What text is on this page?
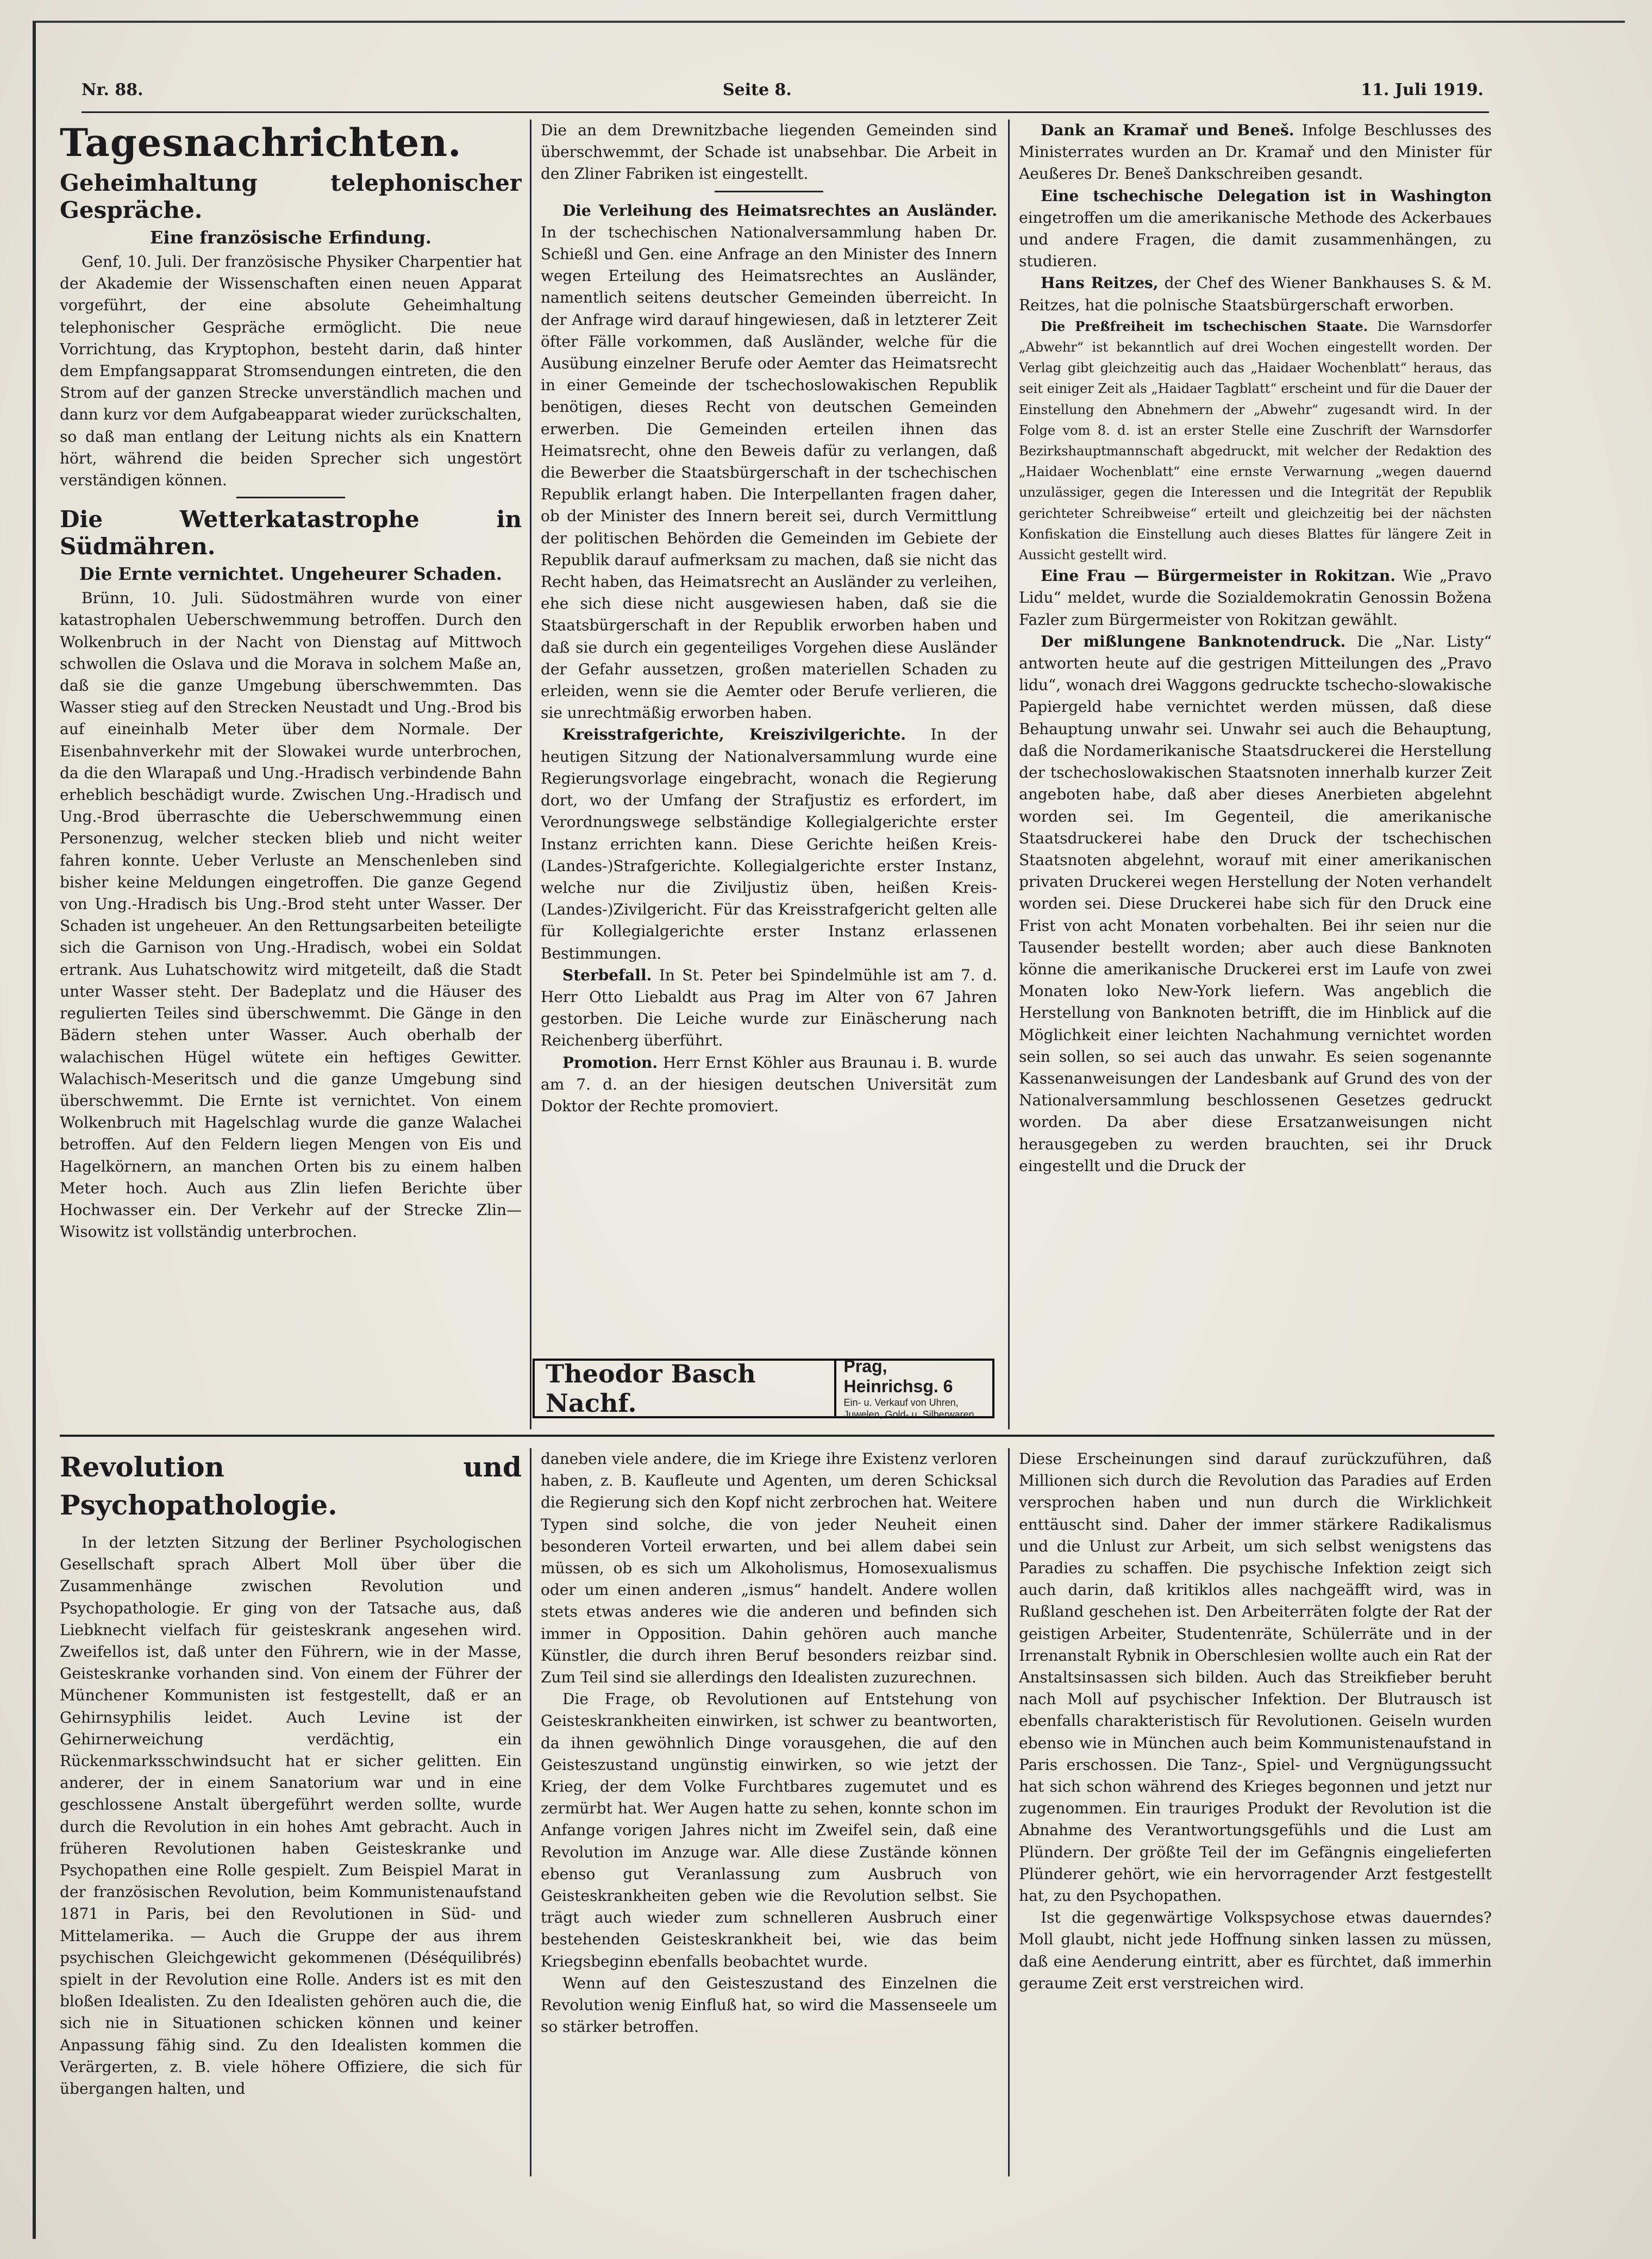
Nr. 88.	Seite 8.	11. Juli 1919.
Tagesnachrichten.
Geheimhaltung telephonischer Gespräche.
Eine französische Erfindung.

Genf, 10. Juli. Der französische Physiker Charpentier hat der Akademie der Wissenschaften einen neuen Apparat vorgeführt, der eine absolute Geheimhaltung telephonischer Gespräche ermöglicht. Die neue Vorrichtung, das Kryptophon, besteht darin, daß hinter dem Empfangsapparat Stromsendungen eintreten, die den Strom auf der ganzen Strecke unverständlich machen und dann kurz vor dem Aufgabeapparat wieder zurückschalten, so daß man entlang der Leitung nichts als ein Knattern hört, während die beiden Sprecher sich ungestört verständigen können.

Die Wetterkatastrophe in Südmähren.
Die Ernte vernichtet. Ungeheurer Schaden.

Brünn, 10. Juli. Südostmähren wurde von einer katastrophalen Ueberschwemmung betroffen. Durch den Wolkenbruch in der Nacht von Dienstag auf Mittwoch schwollen die Oslava und die Morava in solchem Maße an, daß sie die ganze Umgebung überschwemmten. Das Wasser stieg auf den Strecken Neustadt und Ung.-Brod bis auf eineinhalb Meter über dem Normale. Der Eisenbahnverkehr mit der Slowakei wurde unterbrochen, da die den Wlarapaß und Ung.-Hradisch verbindende Bahn erheblich beschädigt wurde. Zwischen Ung.-Hradisch und Ung.-Brod überraschte die Ueberschwemmung einen Personenzug, welcher stecken blieb und nicht weiter fahren konnte. Ueber Verluste an Menschenleben sind bisher keine Meldungen eingetroffen. Die ganze Gegend von Ung.-Hradisch bis Ung.-Brod steht unter Wasser. Der Schaden ist ungeheuer. An den Rettungsarbeiten beteiligte sich die Garnison von Ung.-Hradisch, wobei ein Soldat ertrank. Aus Luhatschowitz wird mitgeteilt, daß die Stadt unter Wasser steht. Der Badeplatz und die Häuser des regulierten Teiles sind überschwemmt. Die Gänge in den Bädern stehen unter Wasser. Auch oberhalb der walachischen Hügel wütete ein heftiges Gewitter. Walachisch-Meseritsch und die ganze Umgebung sind überschwemmt. Die Ernte ist vernichtet. Von einem Wolkenbruch mit Hagelschlag wurde die ganze Walachei betroffen. Auf den Feldern liegen Mengen von Eis und Hagelkörnern, an manchen Orten bis zu einem halben Meter hoch. Auch aus Zlin liefen Berichte über Hochwasser ein. Der Verkehr auf der Strecke Zlin—Wisowitz ist vollständig unterbrochen.

Die an dem Drewnitzbache liegenden Gemeinden sind überschwemmt, der Schade ist unabsehbar. Die Arbeit in den Zliner Fabriken ist eingestellt.

Die Verleihung des Heimatsrechtes an Ausländer. In der tschechischen Nationalversammlung haben Dr. Schießl und Gen. eine Anfrage an den Minister des Innern wegen Erteilung des Heimatsrechtes an Ausländer, namentlich seitens deutscher Gemeinden überreicht. In der Anfrage wird darauf hingewiesen, daß in letzterer Zeit öfter Fälle vorkommen, daß Ausländer, welche für die Ausübung einzelner Berufe oder Aemter das Heimatsrecht in einer Gemeinde der tschechoslowakischen Republik benötigen, dieses Recht von deutschen Gemeinden erwerben. Die Gemeinden erteilen ihnen das Heimatsrecht, ohne den Beweis dafür zu verlangen, daß die Bewerber die Staatsbürgerschaft in der tschechischen Republik erlangt haben. Die Interpellanten fragen daher, ob der Minister des Innern bereit sei, durch Vermittlung der politischen Behörden die Gemeinden im Gebiete der Republik darauf aufmerksam zu machen, daß sie nicht das Recht haben, das Heimatsrecht an Ausländer zu verleihen, ehe sich diese nicht ausgewiesen haben, daß sie die Staatsbürgerschaft in der Republik erworben haben und daß sie durch ein gegenteiliges Vorgehen diese Ausländer der Gefahr aussetzen, großen materiellen Schaden zu erleiden, wenn sie die Aemter oder Berufe verlieren, die sie unrechtmäßig erworben haben.

Kreisstrafgerichte, Kreiszivilgerichte. In der heutigen Sitzung der Nationalversammlung wurde eine Regierungsvorlage eingebracht, wonach die Regierung dort, wo der Umfang der Strafjustiz es erfordert, im Verordnungswege selbständige Kollegialgerichte erster Instanz errichten kann. Diese Gerichte heißen Kreis-(Landes-)Strafgerichte. Kollegialgerichte erster Instanz, welche nur die Ziviljustiz üben, heißen Kreis-(Landes-)Zivilgericht. Für das Kreisstrafgericht gelten alle für Kollegialgerichte erster Instanz erlassenen Bestimmungen.

Sterbefall. In St. Peter bei Spindelmühle ist am 7. d. Herr Otto Liebaldt aus Prag im Alter von 67 Jahren gestorben. Die Leiche wurde zur Einäscherung nach Reichenberg überführt.

Promotion. Herr Ernst Köhler aus Braunau i. B. wurde am 7. d. an der hiesigen deutschen Universität zum Doktor der Rechte promoviert.

Theodor Basch Nachf.
Prag, Heinrichsg. 6
Ein- u. Verkauf von Uhren,
Juwelen, Gold- u. Silberwaren.

Dank an Kramař und Beneš. Infolge Beschlusses des Ministerrates wurden an Dr. Kramař und den Minister für Aeußeres Dr. Beneš Dankschreiben gesandt.

Eine tschechische Delegation ist in Washington eingetroffen um die amerikanische Methode des Ackerbaues und andere Fragen, die damit zusammenhängen, zu studieren.

Hans Reitzes, der Chef des Wiener Bankhauses S. & M. Reitzes, hat die polnische Staatsbürgerschaft erworben.

Die Preßfreiheit im tschechischen Staate. Die Warnsdorfer „Abwehr“ ist bekanntlich auf drei Wochen eingestellt worden. Der Verlag gibt gleichzeitig auch das „Haidaer Wochenblatt“ heraus, das seit einiger Zeit als „Haidaer Tagblatt“ erscheint und für die Dauer der Einstellung den Abnehmern der „Abwehr“ zugesandt wird. In der Folge vom 8. d. ist an erster Stelle eine Zuschrift der Warnsdorfer Bezirkshauptmannschaft abgedruckt, mit welcher der Redaktion des „Haidaer Wochenblatt“ eine ernste Verwarnung „wegen dauernd unzulässiger, gegen die Interessen und die Integrität der Republik gerichteter Schreibweise“ erteilt und gleichzeitig bei der nächsten Konfiskation die Einstellung auch dieses Blattes für längere Zeit in Aussicht gestellt wird.

Eine Frau — Bürgermeister in Rokitzan. Wie „Pravo Lidu“ meldet, wurde die Sozialdemokratin Genossin Božena Fazler zum Bürgermeister von Rokitzan gewählt.

Der mißlungene Banknotendruck. Die „Nar. Listy“ antworten heute auf die gestrigen Mitteilungen des „Pravo lidu“, wonach drei Waggons gedruckte tschecho-slowakische Papiergeld habe vernichtet werden müssen, daß diese Behauptung unwahr sei. Unwahr sei auch die Behauptung, daß die Nordamerikanische Staatsdruckerei die Herstellung der tschechoslowakischen Staatsnoten innerhalb kurzer Zeit angeboten habe, daß aber dieses Anerbieten abgelehnt worden sei. Im Gegenteil, die amerikanische Staatsdruckerei habe den Druck der tschechischen Staatsnoten abgelehnt, worauf mit einer amerikanischen privaten Druckerei wegen Herstellung der Noten verhandelt worden sei. Diese Druckerei habe sich für den Druck eine Frist von acht Monaten vorbehalten. Bei ihr seien nur die Tausender bestellt worden; aber auch diese Banknoten könne die amerikanische Druckerei erst im Laufe von zwei Monaten loko New-York liefern. Was angeblich die Herstellung von Banknoten betrifft, die im Hinblick auf die Möglichkeit einer leichten Nachahmung vernichtet worden sein sollen, so sei auch das unwahr. Es seien sogenannte Kassenanweisungen der Landesbank auf Grund des von der Nationalversammlung beschlossenen Gesetzes gedruckt worden. Da aber diese Ersatzanweisungen nicht herausgegeben zu werden brauchten, sei ihr Druck eingestellt und die Druck der

Revolution und Psychopathologie.

In der letzten Sitzung der Berliner Psychologischen Gesellschaft sprach Albert Moll über über die Zusammenhänge zwischen Revolution und Psychopathologie. Er ging von der Tatsache aus, daß Liebknecht vielfach für geisteskrank angesehen wird. Zweifellos ist, daß unter den Führern, wie in der Masse, Geisteskranke vorhanden sind. Von einem der Führer der Münchener Kommunisten ist festgestellt, daß er an Gehirnsyphilis leidet. Auch Levine ist der Gehirnerweichung verdächtig, ein Rückenmarksschwindsucht hat er sicher gelitten. Ein anderer, der in einem Sanatorium war und in eine geschlossene Anstalt übergeführt werden sollte, wurde durch die Revolution in ein hohes Amt gebracht. Auch in früheren Revolutionen haben Geisteskranke und Psychopathen eine Rolle gespielt. Zum Beispiel Marat in der französischen Revolution, beim Kommunistenaufstand 1871 in Paris, bei den Revolutionen in Süd- und Mittelamerika. — Auch die Gruppe der aus ihrem psychischen Gleichgewicht gekommenen (Déséquilibrés) spielt in der Revolution eine Rolle. Anders ist es mit den bloßen Idealisten. Zu den Idealisten gehören auch die, die sich nie in Situationen schicken können und keiner Anpassung fähig sind. Zu den Idealisten kommen die Verärgerten, z. B. viele höhere Offiziere, die sich für übergangen halten, und

daneben viele andere, die im Kriege ihre Existenz verloren haben, z. B. Kaufleute und Agenten, um deren Schicksal die Regierung sich den Kopf nicht zerbrochen hat. Weitere Typen sind solche, die von jeder Neuheit einen besonderen Vorteil erwarten, und bei allem dabei sein müssen, ob es sich um Alkoholismus, Homosexualismus oder um einen anderen „ismus“ handelt. Andere wollen stets etwas anderes wie die anderen und befinden sich immer in Opposition. Dahin gehören auch manche Künstler, die durch ihren Beruf besonders reizbar sind. Zum Teil sind sie allerdings den Idealisten zuzurechnen.

Die Frage, ob Revolutionen auf Entstehung von Geisteskrankheiten einwirken, ist schwer zu beantworten, da ihnen gewöhnlich Dinge vorausgehen, die auf den Geisteszustand ungünstig einwirken, so wie jetzt der Krieg, der dem Volke Furchtbares zugemutet und es zermürbt hat. Wer Augen hatte zu sehen, konnte schon im Anfange vorigen Jahres nicht im Zweifel sein, daß eine Revolution im Anzuge war. Alle diese Zustände können ebenso gut Veranlassung zum Ausbruch von Geisteskrankheiten geben wie die Revolution selbst. Sie trägt auch wieder zum schnelleren Ausbruch einer bestehenden Geisteskrankheit bei, wie das beim Kriegsbeginn ebenfalls beobachtet wurde.

Wenn auf den Geisteszustand des Einzelnen die Revolution wenig Einfluß hat, so wird die Massenseele um so stärker betroffen.

Diese Erscheinungen sind darauf zurückzuführen, daß Millionen sich durch die Revolution das Paradies auf Erden versprochen haben und nun durch die Wirklichkeit enttäuscht sind. Daher der immer stärkere Radikalismus und die Unlust zur Arbeit, um sich selbst wenigstens das Paradies zu schaffen. Die psychische Infektion zeigt sich auch darin, daß kritiklos alles nachgeäfft wird, was in Rußland geschehen ist. Den Arbeiterräten folgte der Rat der geistigen Arbeiter, Studentenräte, Schülerräte und in der Irrenanstalt Rybnik in Oberschlesien wollte auch ein Rat der Anstaltsinsassen sich bilden. Auch das Streikfieber beruht nach Moll auf psychischer Infektion. Der Blutrausch ist ebenfalls charakteristisch für Revolutionen. Geiseln wurden ebenso wie in München auch beim Kommunistenaufstand in Paris erschossen. Die Tanz-, Spiel- und Vergnügungssucht hat sich schon während des Krieges begonnen und jetzt nur zugenommen. Ein trauriges Produkt der Revolution ist die Abnahme des Verantwortungsgefühls und die Lust am Plündern. Der größte Teil der im Gefängnis eingelieferten Plünderer gehört, wie ein hervorragender Arzt festgestellt hat, zu den Psychopathen.

Ist die gegenwärtige Volkspsychose etwas dauerndes? Moll glaubt, nicht jede Hoffnung sinken lassen zu müssen, daß eine Aenderung eintritt, aber es fürchtet, daß immerhin geraume Zeit erst verstreichen wird.
